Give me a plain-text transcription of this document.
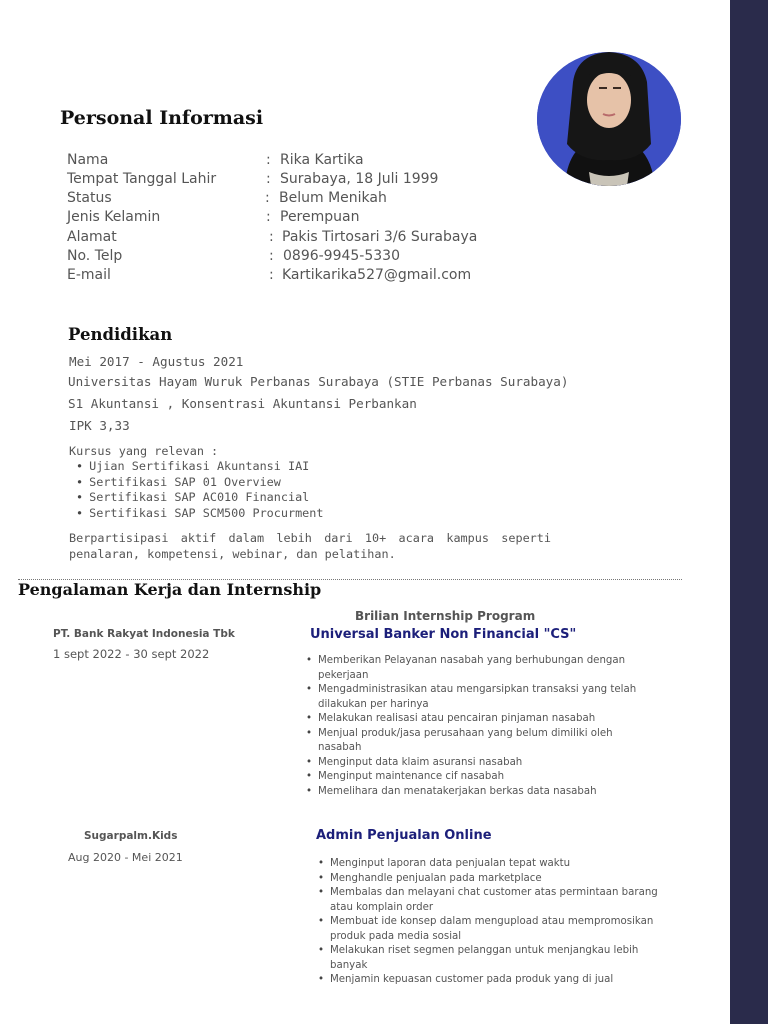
Personal Informasi
Nama	: Rika Kartika
Tempat Tanggal Lahir	: Surabaya, 18 Juli 1999
Status	: Belum Menikah
Jenis Kelamin	: Perempuan
Alamat	: Pakis Tirtosari 3/6 Surabaya
No. Telp	: 0896-9945-5330
E-mail	: Kartikarika527@gmail.com
Pendidikan
Mei 2017 - Agustus 2021
Universitas Hayam Wuruk Perbanas Surabaya (STIE Perbanas Surabaya)
S1 Akuntansi , Konsentrasi Akuntansi Perbankan
IPK 3,33
Kursus yang relevan :
• Ujian Sertifikasi Akuntansi IAI
• Sertifikasi SAP 01 Overview
• Sertifikasi SAP AC010 Financial
• Sertifikasi SAP SCM500 Procurment
Berpartisipasi aktif dalam lebih dari 10+ acara kampus seperti penalaran, kompetensi, webinar, dan pelatihan.
Pengalaman Kerja dan Internship
Brilian Internship Program
PT. Bank Rakyat Indonesia Tbk	Universal Banker Non Financial "CS"
1 sept 2022 - 30 sept 2022	• Memberikan Pelayanan nasabah yang berhubungan dengan pekerjaan
• Mengadministrasikan atau mengarsipkan transaksi yang telah dilakukan per harinya
• Melakukan realisasi atau pencairan pinjaman nasabah
• Menjual produk/jasa perusahaan yang belum dimiliki oleh nasabah
• Menginput data klaim asuransi nasabah
• Menginput maintenance cif nasabah
• Memelihara dan menatakerjakan berkas data nasabah
Sugarpalm.Kids	Admin Penjualan Online
Aug 2020 - Mei 2021	• Menginput laporan data penjualan tepat waktu
• Menghandle penjualan pada marketplace
• Membalas dan melayani chat customer atas permintaan barang atau komplain order
• Membuat ide konsep dalam mengupload atau mempromosikan produk pada media sosial
• Melakukan riset segmen pelanggan untuk menjangkau lebih banyak
• Menjamin kepuasan customer pada produk yang di jual
